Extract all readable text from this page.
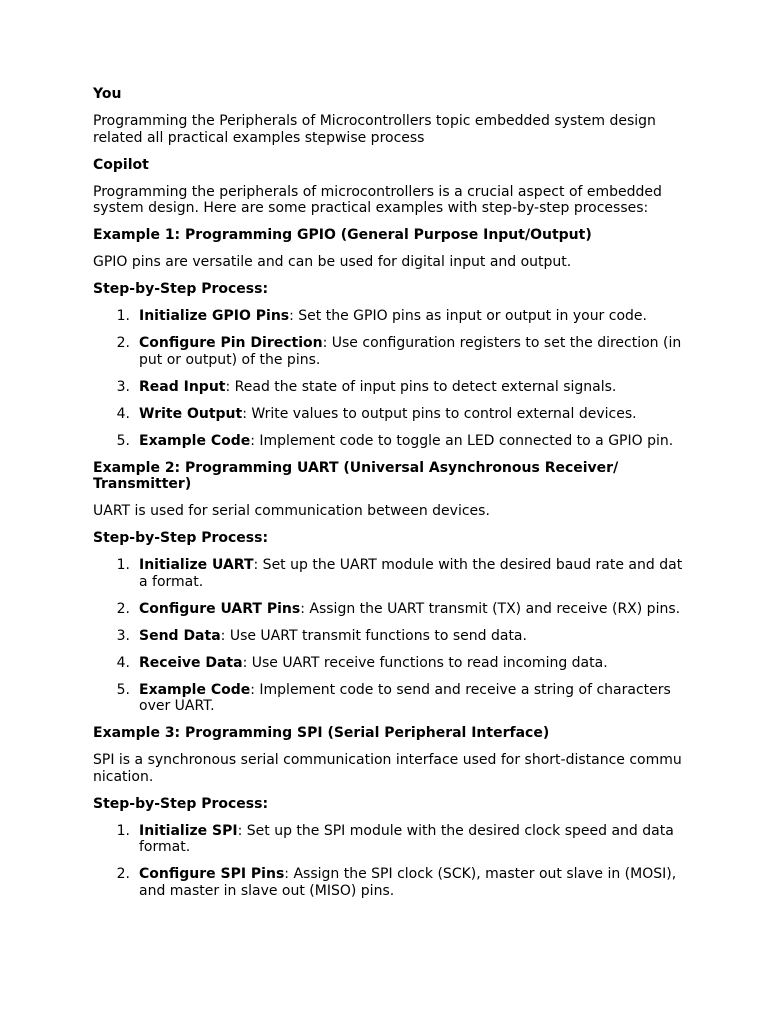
You
Programming the Peripherals of Microcontrollers topic embedded system design related all practical examples stepwise process
Copilot
Programming the peripherals of microcontrollers is a crucial aspect of embedded system design. Here are some practical examples with step-by-step processes:
Example 1: Programming GPIO (General Purpose Input/Output)
GPIO pins are versatile and can be used for digital input and output.
Step-by-Step Process:
1. Initialize GPIO Pins: Set the GPIO pins as input or output in your code.
2. Configure Pin Direction: Use configuration registers to set the direction (input or output) of the pins.
3. Read Input: Read the state of input pins to detect external signals.
4. Write Output: Write values to output pins to control external devices.
5. Example Code: Implement code to toggle an LED connected to a GPIO pin.
Example 2: Programming UART (Universal Asynchronous Receiver/ Transmitter)
UART is used for serial communication between devices.
Step-by-Step Process:
1. Initialize UART: Set up the UART module with the desired baud rate and data format.
2. Configure UART Pins: Assign the UART transmit (TX) and receive (RX) pins.
3. Send Data: Use UART transmit functions to send data.
4. Receive Data: Use UART receive functions to read incoming data.
5. Example Code: Implement code to send and receive a string of characters over UART.
Example 3: Programming SPI (Serial Peripheral Interface)
SPI is a synchronous serial communication interface used for short-distance communication.
Step-by-Step Process:
1. Initialize SPI: Set up the SPI module with the desired clock speed and data format.
2. Configure SPI Pins: Assign the SPI clock (SCK), master out slave in (MOSI), and master in slave out (MISO) pins.
